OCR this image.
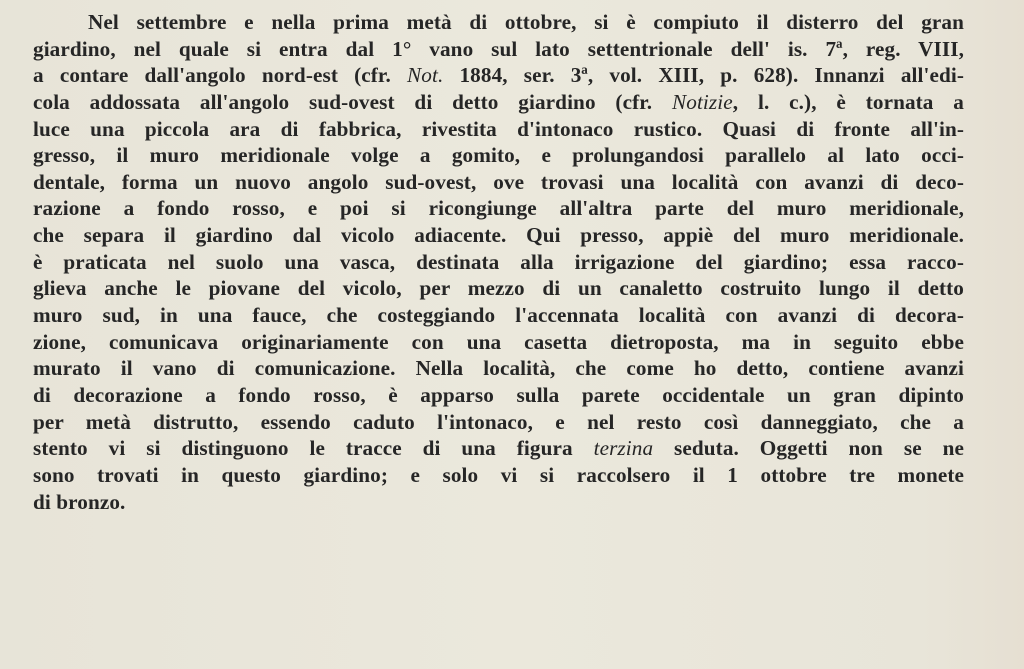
Nel settembre e nella prima metà di ottobre, si è compiuto il disterro del gran
giardino, nel quale si entra dal 1° vano sul lato settentrionale dell' is. 7ª, reg. VIII,
a contare dall'angolo nord-est (cfr. Not. 1884, ser. 3ª, vol. XIII, p. 628). Innanzi all'edi-
cola addossata all'angolo sud-ovest di detto giardino (cfr. Notizie, l. c.), è tornata a
luce una piccola ara di fabbrica, rivestita d'intonaco rustico. Quasi di fronte all'in-
gresso, il muro meridionale volge a gomito, e prolungandosi parallelo al lato occi-
dentale, forma un nuovo angolo sud-ovest, ove trovasi una località con avanzi di deco-
razione a fondo rosso, e poi si ricongiunge all'altra parte del muro meridionale,
che separa il giardino dal vicolo adiacente. Qui presso, appiè del muro meridionale.
è praticata nel suolo una vasca, destinata alla irrigazione del giardino; essa racco-
glieva anche le piovane del vicolo, per mezzo di un canaletto costruito lungo il detto
muro sud, in una fauce, che costeggiando l'accennata località con avanzi di decora-
zione, comunicava originariamente con una casetta dietroposta, ma in seguito ebbe
murato il vano di comunicazione. Nella località, che come ho detto, contiene avanzi
di decorazione a fondo rosso, è apparso sulla parete occidentale un gran dipinto
per metà distrutto, essendo caduto l'intonaco, e nel resto così danneggiato, che a
stento vi si distinguono le tracce di una figura terzina seduta. Oggetti non se ne
sono trovati in questo giardino; e solo vi si raccolsero il 1 ottobre tre monete
di bronzo.
